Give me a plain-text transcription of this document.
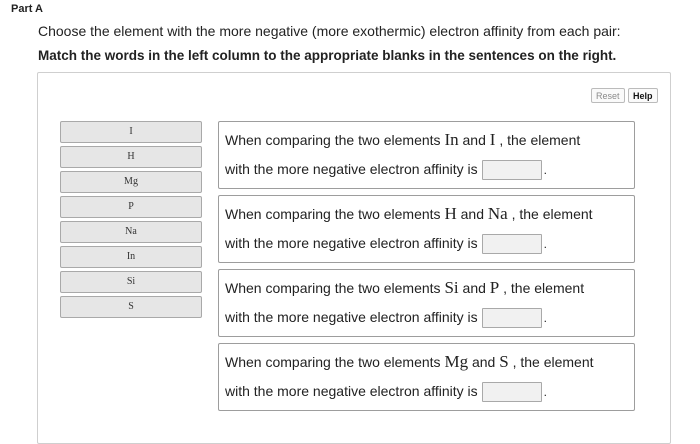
Part A
Choose the element with the more negative (more exothermic) electron affinity from each pair:
Match the words in the left column to the appropriate blanks in the sentences on the right.
Reset	Help
I
H
Mg
P
Na
In
Si
S
When comparing the two elements In and I , the element
with the more negative electron affinity is	.
When comparing the two elements H and Na , the element
with the more negative electron affinity is	.
When comparing the two elements Si and P , the element
with the more negative electron affinity is	.
When comparing the two elements Mg and S , the element
with the more negative electron affinity is	.
